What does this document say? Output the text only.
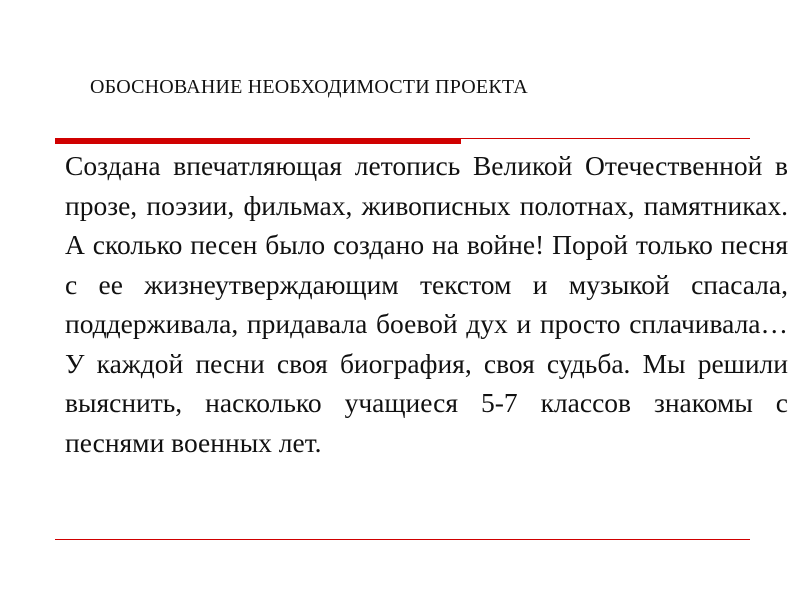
ОБОСНОВАНИЕ НЕОБХОДИМОСТИ ПРОЕКТА
Создана впечатляющая летопись Великой Отечественной в прозе, поэзии, фильмах, живописных полотнах, памятниках. А сколько песен было создано на войне! Порой только песня с ее жизнеутверждающим текстом и музыкой спасала, поддерживала, придавала боевой дух и просто сплачивала… У каждой песни своя биография, своя судьба. Мы решили выяснить, насколько учащиеся 5-7 классов знакомы с песнями военных лет.
